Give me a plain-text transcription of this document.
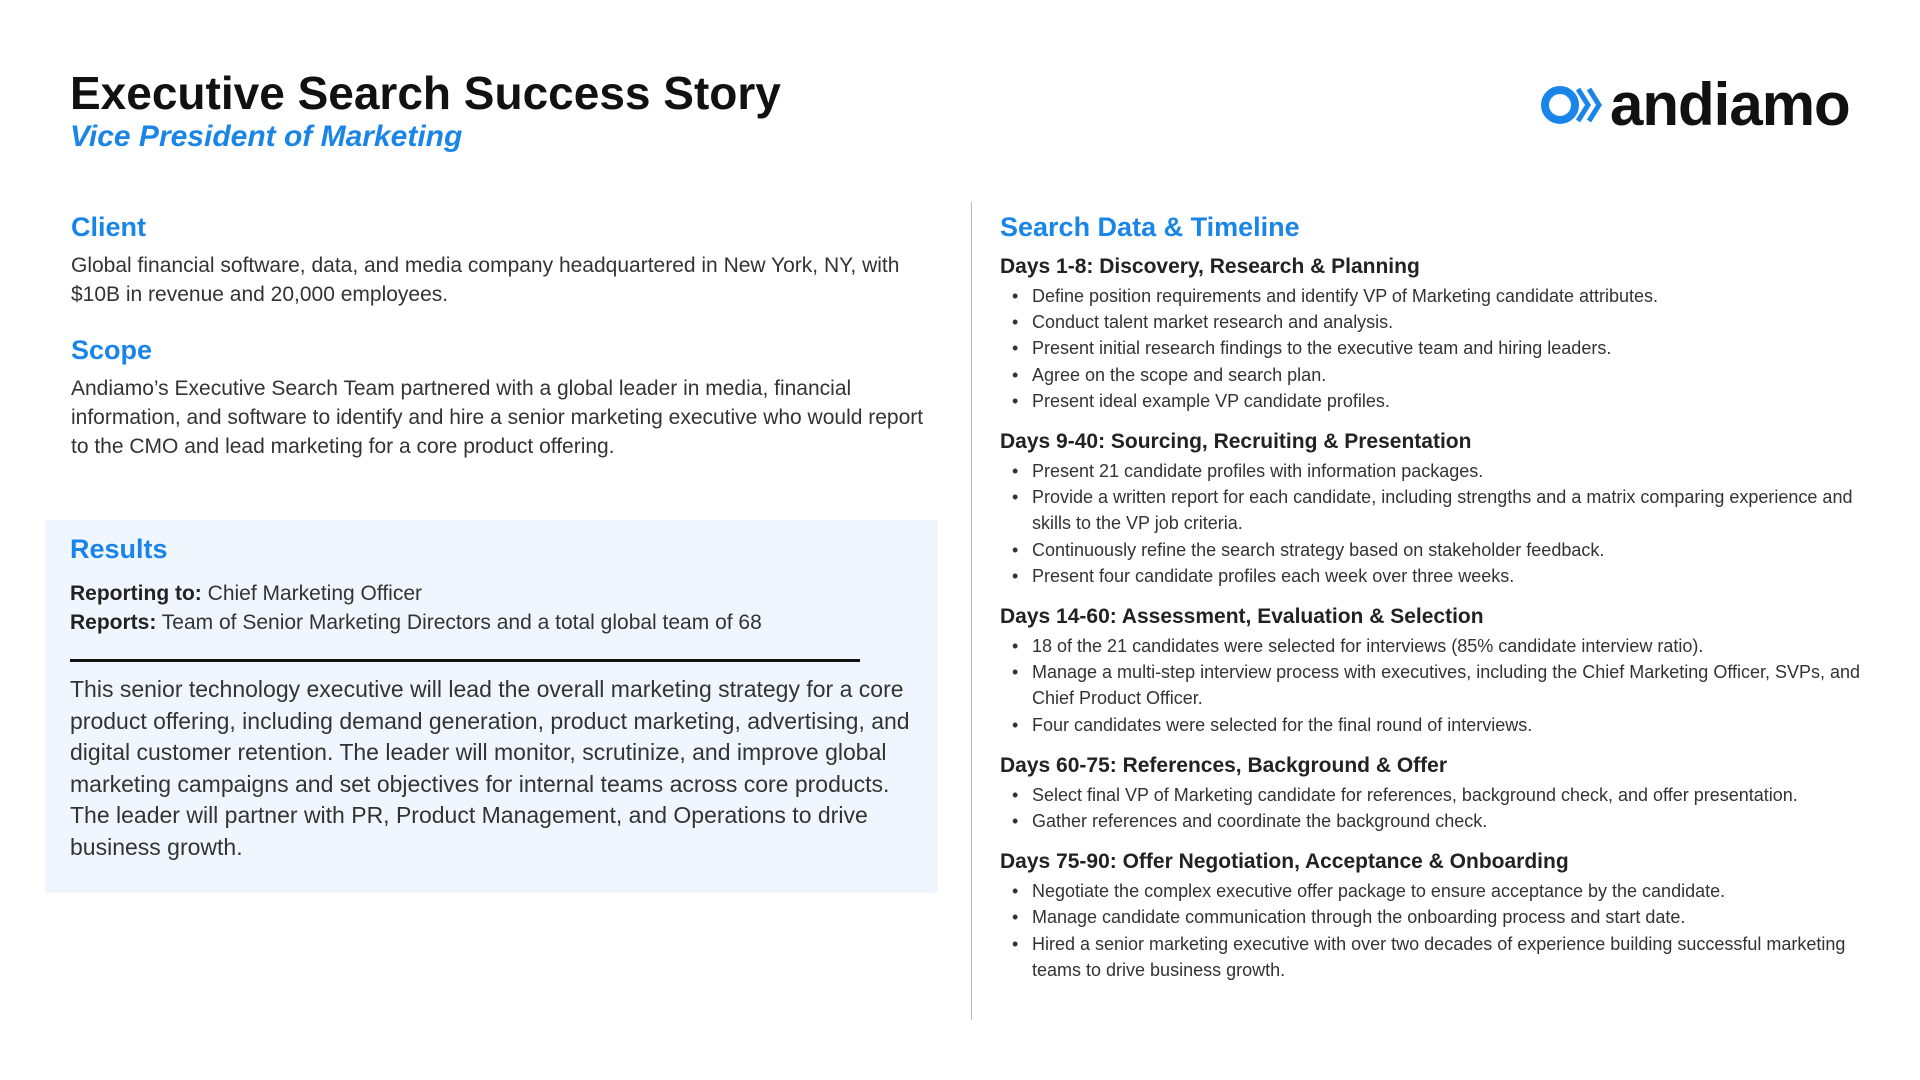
Executive Search Success Story
Vice President of Marketing	andiamo
Client

Global financial software, data, and media company headquartered in New York, NY, with $10B in revenue and 20,000 employees.

Scope

Andiamo’s Executive Search Team partnered with a global leader in media, financial information, and software to identify and hire a senior marketing executive who would report to the CMO and lead marketing for a core product offering.

Results
Reporting to: Chief Marketing Officer
Reports: Team of Senior Marketing Directors and a total global team of 68
This senior technology executive will lead the overall marketing strategy for a core product offering, including demand generation, product marketing, advertising, and digital customer retention. The leader will monitor, scrutinize, and improve global marketing campaigns and set objectives for internal teams across core products. The leader will partner with PR, Product Management, and Operations to drive business growth.
Search Data & Timeline
Days 1-8: Discovery, Research & Planning
• Define position requirements and identify VP of Marketing candidate attributes.
• Conduct talent market research and analysis.
• Present initial research findings to the executive team and hiring leaders.
• Agree on the scope and search plan.
• Present ideal example VP candidate profiles.
Days 9-40: Sourcing, Recruiting & Presentation
• Present 21 candidate profiles with information packages.
• Provide a written report for each candidate, including strengths and a matrix comparing experience and skills to the VP job criteria.
• Continuously refine the search strategy based on stakeholder feedback.
• Present four candidate profiles each week over three weeks.
Days 14-60: Assessment, Evaluation & Selection
• 18 of the 21 candidates were selected for interviews (85% candidate interview ratio).
• Manage a multi-step interview process with executives, including the Chief Marketing Officer, SVPs, and Chief Product Officer.
• Four candidates were selected for the final round of interviews.
Days 60-75: References, Background & Offer
• Select final VP of Marketing candidate for references, background check, and offer presentation.
• Gather references and coordinate the background check.
Days 75-90: Offer Negotiation, Acceptance & Onboarding
• Negotiate the complex executive offer package to ensure acceptance by the candidate.
• Manage candidate communication through the onboarding process and start date.
• Hired a senior marketing executive with over two decades of experience building successful marketing teams to drive business growth.
